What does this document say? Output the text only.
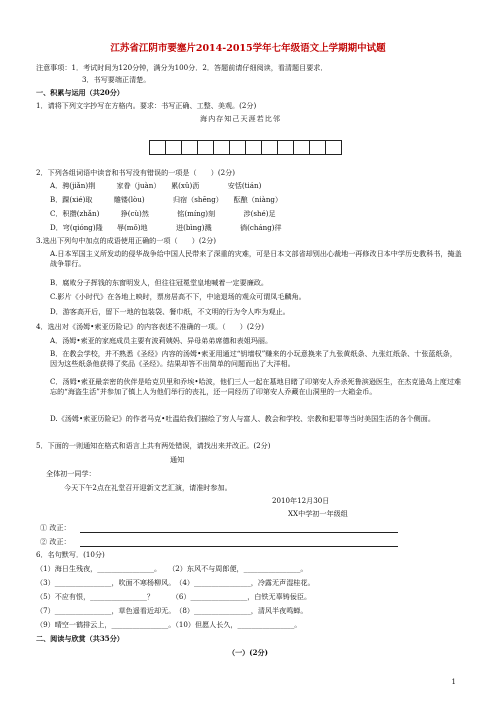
江苏省江阴市要塞片2014-2015学年七年级语文上学期期中试题
注意事项：1．考试时间为120分钟，满分为100分．2．答题前请仔细阅读，看清题目要求．
3．书写要端正清楚。
一、积累与运用（共20分）
1．请将下列文字抄写在方格内。要求：书写正确、工整、美观。(2分)
海内存知己天涯若比邻
2．下列各组词语中读音和书写没有错误的一项是（　　）(2分)
A．骋(jiǎn)荆　　　家眷（juàn）　　累(xǔ)沥　　　　安恬(tián)
B．踝(xié)取　　　雕镂(lòu)　　　　归宿（shēng）　　酝酿（niàng）
C．积攒(zhǎn)　　　狰(cù)然　　　　铭(míng)刻　　　　涉(shé)足
D．穹(qióng)隆　　辱(mǒ)地　　　　迸(bìng)溅　　　　徜(cháng)徉
3.选出下列句中加点的成语使用正确的一项（　　）(2分)
A.日本军国主义所发动的侵华战争给中国人民带来了深重的灾难，可是日本文部省却别出心裁地一再修改日本中学历史教科书，掩盖战争罪行。
B．腐败分子挥钱的东窗明发人，但往往冠冕堂皇地喊着一定要廉政。
C.影片《小时代》在各地上映时，票房居高不下，中途退场的观众可谓凤毛麟角。
D．游客高开后，留下一地的包装袋、餐巾纸，不文明的行为令人咋为观止。
4．选出对《汤姆•索亚历险记》的内容表述不准确的一项。（　　）(2分)
A．汤姆•索亚的家庭成员主要有波莉姨妈、异母弟弟席德和表姐玛丽。
B．在教会学校，并不熟悉《圣经》内容的汤姆•索亚用通过“钥墙权”赚来的小玩意换来了九张黄纸条、九张红纸条、十张蓝纸条，因为这些纸条他获得了奖品《圣经》。结果却答不出简单的问题而出了大洋相。
C．汤姆•索亚最亲密的伙伴是哈克贝里和乔埃•哈波，他们三人一起在墓地目睹了印第安人乔杀死鲁滨逊医生，在杰克逊岛上度过难忘的“海盗生活”并参加了镇上人为他们举行的丧礼，还一同经历了印第安人乔藏在山洞里的一大箱金币。
D.《汤姆•索亚历险记》的作者马克•吐温给我们描绘了穷人与富人、教会和学校、宗教和犯罪等当时美国生活的各个侧面。
5．下面的一则通知在格式和语言上共有两处错误，请找出来并改正。(2分)
通知
全体初一同学：
今天下午2点在礼堂召开迎新文艺汇演，请准时参加。
2010年12月30日
XX中学初一年级组
① 改正：
② 改正：
6．名句默写．(10分)
（1）海日生残夜，________________。　　（2）东风不与周郎便，________________。
（3）________________，吹面不寒杨柳风。　（4）________________，冷露无声湿桂花。
（5）不应有恨，________________？　　　（6）________________，白铁无辜铸佞臣。
（7）________________，草色遥看近却无。　（8）________________，清风半夜鸣蝉。
（9）晴空一鹤排云上，________________。（10）但愿人长久，________________。
二、阅读与欣赏（共35分）
（一）(2分)
1
